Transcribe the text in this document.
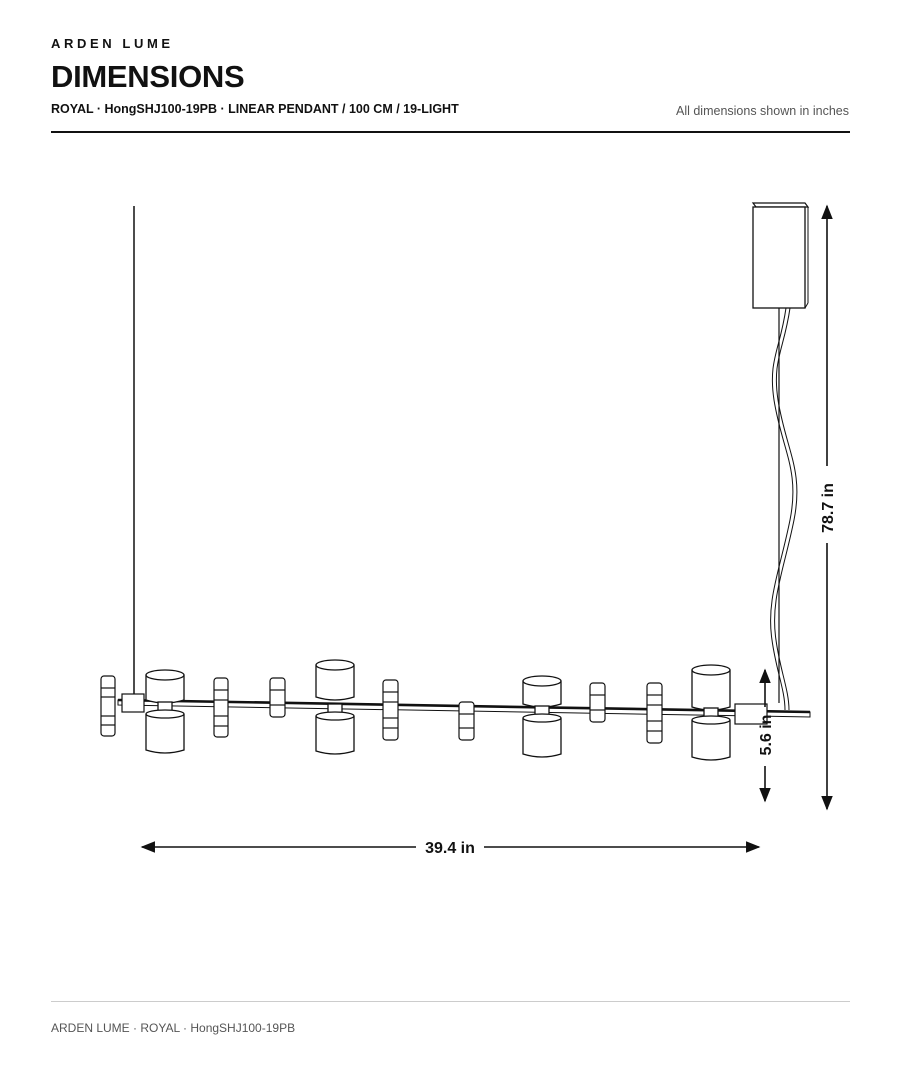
ARDEN LUME
DIMENSIONS
ROYAL · HongSHJ100-19PB · LINEAR PENDANT / 100 CM / 19-LIGHT	All dimensions shown in inches
39.4 in
78.7 in
5.6 in
ARDEN LUME · ROYAL · HongSHJ100-19PB
